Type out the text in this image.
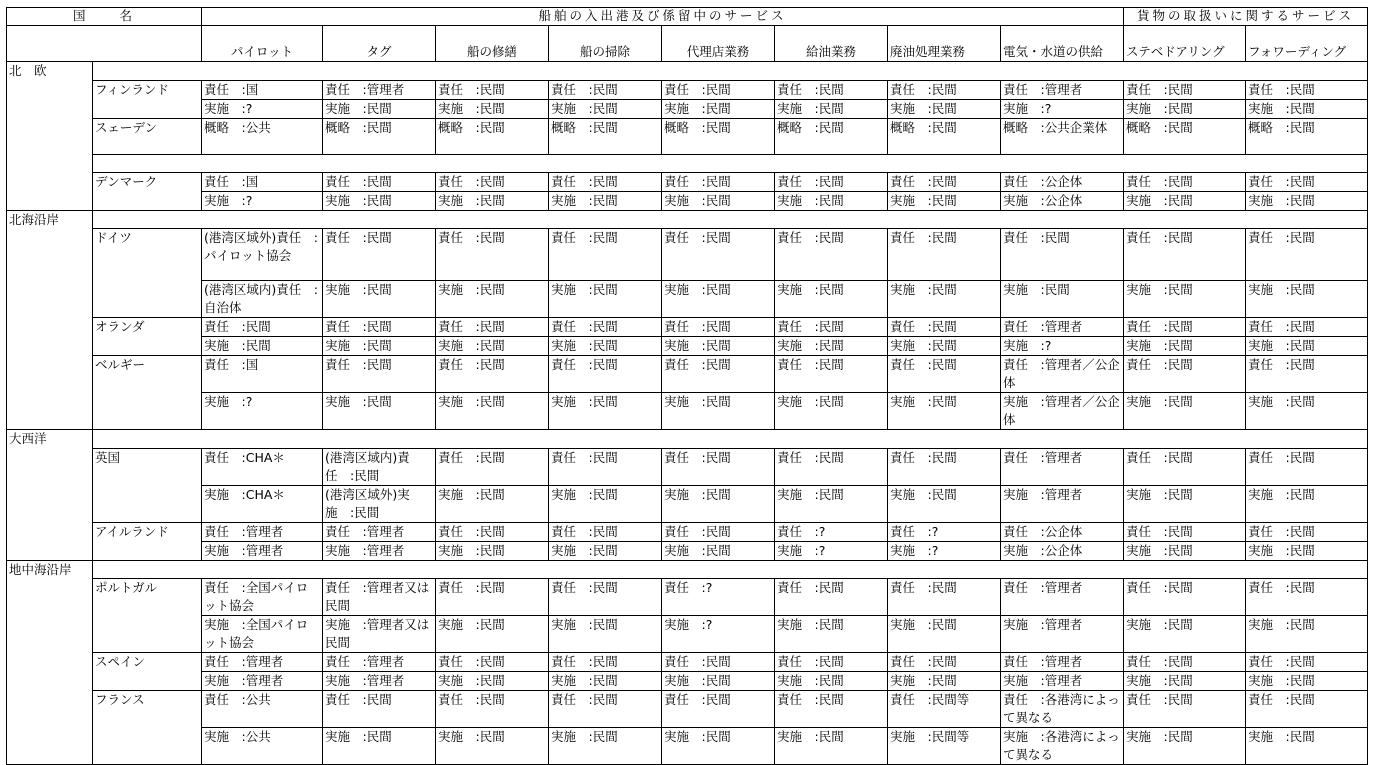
国　　名		船舶の入出港及び係留中のサービス								貨物の取扱いに関するサービス	
		パイロット	タグ	船の修繕	船の掃除	代理店業務	給油業務	廃油処理業務	電気・水道の供給	ステベドアリング	フォワーディング
北　欧											
	フィンランド	責任　:国	責任　:管理者	責任　:民間	責任　:民間	責任　:民間	責任　:民間	責任　:民間	責任　:管理者	責任　:民間	責任　:民間
		実施　:?	実施　:民間	実施　:民間	実施　:民間	実施　:民間	実施　:民間	実施　:民間	実施　:?	実施　:民間	実施　:民間
	スェーデン	概略　:公共	概略　:民間	概略　:民間	概略　:民間	概略　:民間	概略　:民間	概略　:民間	概略　:公共企業体	概略　:民間	概略　:民間

	デンマーク	責任　:国	責任　:民間	責任　:民間	責任　:民間	責任　:民間	責任　:民間	責任　:民間	責任　:公企体	責任　:民間	責任　:民間
		実施　:?	実施　:民間	実施　:民間	実施　:民間	実施　:民間	実施　:民間	実施　:民間	実施　:公企体	実施　:民間	実施　:民間
北海沿岸											
	ドイツ	(港湾区域外)責任　:パイロット協会	責任　:民間	責任　:民間	責任　:民間	責任　:民間	責任　:民間	責任　:民間	責任　:民間	責任　:民間	責任　:民間
		(港湾区域内)責任　:自治体	実施　:民間	実施　:民間	実施　:民間	実施　:民間	実施　:民間	実施　:民間	実施　:民間	実施　:民間	実施　:民間
	オランダ	責任　:民間	責任　:民間	責任　:民間	責任　:民間	責任　:民間	責任　:民間	責任　:民間	責任　:管理者	責任　:民間	責任　:民間
		実施　:民間	実施　:民間	実施　:民間	実施　:民間	実施　:民間	実施　:民間	実施　:民間	実施　:?	実施　:民間	実施　:民間
	ベルギー	責任　:国	責任　:民間	責任　:民間	責任　:民間	責任　:民間	責任　:民間	責任　:民間	責任　:管理者／公企体	責任　:民間	責任　:民間
		実施　:?	実施　:民間	実施　:民間	実施　:民間	実施　:民間	実施　:民間	実施　:民間	実施　:管理者／公企体	実施　:民間	実施　:民間
大西洋											
	英国	責任　:CHA＊	(港湾区域内)責任　:民間	責任　:民間	責任　:民間	責任　:民間	責任　:民間	責任　:民間	責任　:管理者	責任　:民間	責任　:民間
		実施　:CHA＊	(港湾区域外)実施　:民間	実施　:民間	実施　:民間	実施　:民間	実施　:民間	実施　:民間	実施　:管理者	実施　:民間	実施　:民間
	アイルランド	責任　:管理者	責任　:管理者	責任　:民間	責任　:民間	責任　:民間	責任　:?	責任　:?	責任　:公企体	責任　:民間	責任　:民間
		実施　:管理者	実施　:管理者	実施　:民間	実施　:民間	実施　:民間	実施　:?	実施　:?	実施　:公企体	実施　:民間	実施　:民間
地中海沿岸											
	ポルトガル	責任　:全国パイロット協会	責任　:管理者又は民間	責任　:民間	責任　:民間	責任　:?	責任　:民間	責任　:民間	責任　:管理者	責任　:民間	責任　:民間
		実施　:全国パイロット協会	実施　:管理者又は民間	実施　:民間	実施　:民間	実施　:?	実施　:民間	実施　:民間	実施　:管理者	実施　:民間	実施　:民間
	スペイン	責任　:管理者	責任　:管理者	責任　:民間	責任　:民間	責任　:民間	責任　:民間	責任　:民間	責任　:管理者	責任　:民間	責任　:民間
		実施　:管理者	実施　:管理者	実施　:民間	実施　:民間	実施　:民間	実施　:民間	実施　:民間	実施　:管理者	実施　:民間	実施　:民間
	フランス	責任　:公共	責任　:民間	責任　:民間	責任　:民間	責任　:民間	責任　:民間	責任　:民間等	責任　:各港湾によって異なる	責任　:民間	責任　:民間
		実施　:公共	実施　:民間	実施　:民間	実施　:民間	実施　:民間	実施　:民間	実施　:民間等	実施　:各港湾によって異なる	実施　:民間	実施　:民間
